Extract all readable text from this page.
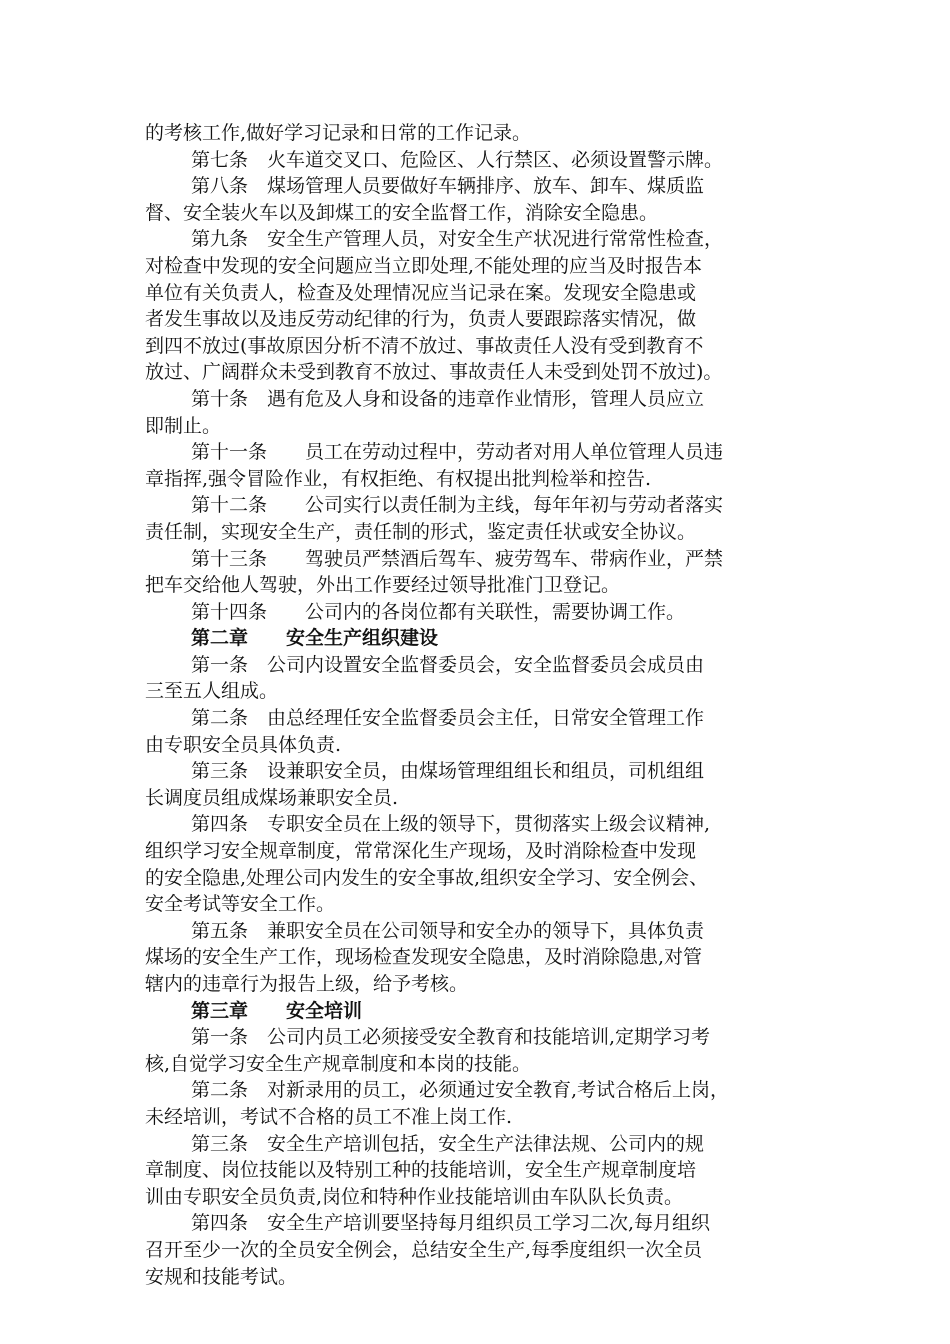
的考核工作,做好学习记录和日常的工作记录。
第七条　火车道交叉口、危险区、人行禁区、必须设置警示牌。
第八条　煤场管理人员要做好车辆排序、放车、卸车、煤质监
督、安全装火车以及卸煤工的安全监督工作，消除安全隐患。
第九条　安全生产管理人员，对安全生产状况进行常常性检查，
对检查中发现的安全问题应当立即处理,不能处理的应当及时报告本
单位有关负责人，检查及处理情况应当记录在案。发现安全隐患或
者发生事故以及违反劳动纪律的行为，负责人要跟踪落实情况，做
到四不放过(事故原因分析不清不放过、事故责任人没有受到教育不
放过、广阔群众未受到教育不放过、事故责任人未受到处罚不放过)。
第十条　遇有危及人身和设备的违章作业情形，管理人员应立
即制止。
第十一条　　员工在劳动过程中，劳动者对用人单位管理人员违
章指挥,强令冒险作业，有权拒绝、有权提出批判检举和控告.
第十二条　　公司实行以责任制为主线，每年年初与劳动者落实
责任制，实现安全生产，责任制的形式，鉴定责任状或安全协议。
第十三条　　驾驶员严禁酒后驾车、疲劳驾车、带病作业，严禁
把车交给他人驾驶，外出工作要经过领导批准门卫登记。
第十四条　　公司内的各岗位都有关联性，需要协调工作。
第二章　　安全生产组织建设
第一条　公司内设置安全监督委员会，安全监督委员会成员由
三至五人组成。
第二条　由总经理任安全监督委员会主任，日常安全管理工作
由专职安全员具体负责.
第三条　设兼职安全员，由煤场管理组组长和组员，司机组组
长调度员组成煤场兼职安全员.
第四条　专职安全员在上级的领导下，贯彻落实上级会议精神,
组织学习安全规章制度，常常深化生产现场，及时消除检查中发现
的安全隐患,处理公司内发生的安全事故,组织安全学习、安全例会、
安全考试等安全工作。
第五条　兼职安全员在公司领导和安全办的领导下，具体负责
煤场的安全生产工作，现场检查发现安全隐患，及时消除隐患,对管
辖内的违章行为报告上级，给予考核。
第三章　　安全培训
第一条　公司内员工必须接受安全教育和技能培训,定期学习考
核,自觉学习安全生产规章制度和本岗的技能。
第二条　对新录用的员工，必须通过安全教育,考试合格后上岗，
未经培训，考试不合格的员工不准上岗工作.
第三条　安全生产培训包括，安全生产法律法规、公司内的规
章制度、岗位技能以及特别工种的技能培训，安全生产规章制度培
训由专职安全员负责,岗位和特种作业技能培训由车队队长负责。
第四条　安全生产培训要坚持每月组织员工学习二次,每月组织
召开至少一次的全员安全例会，总结安全生产,每季度组织一次全员
安规和技能考试。
